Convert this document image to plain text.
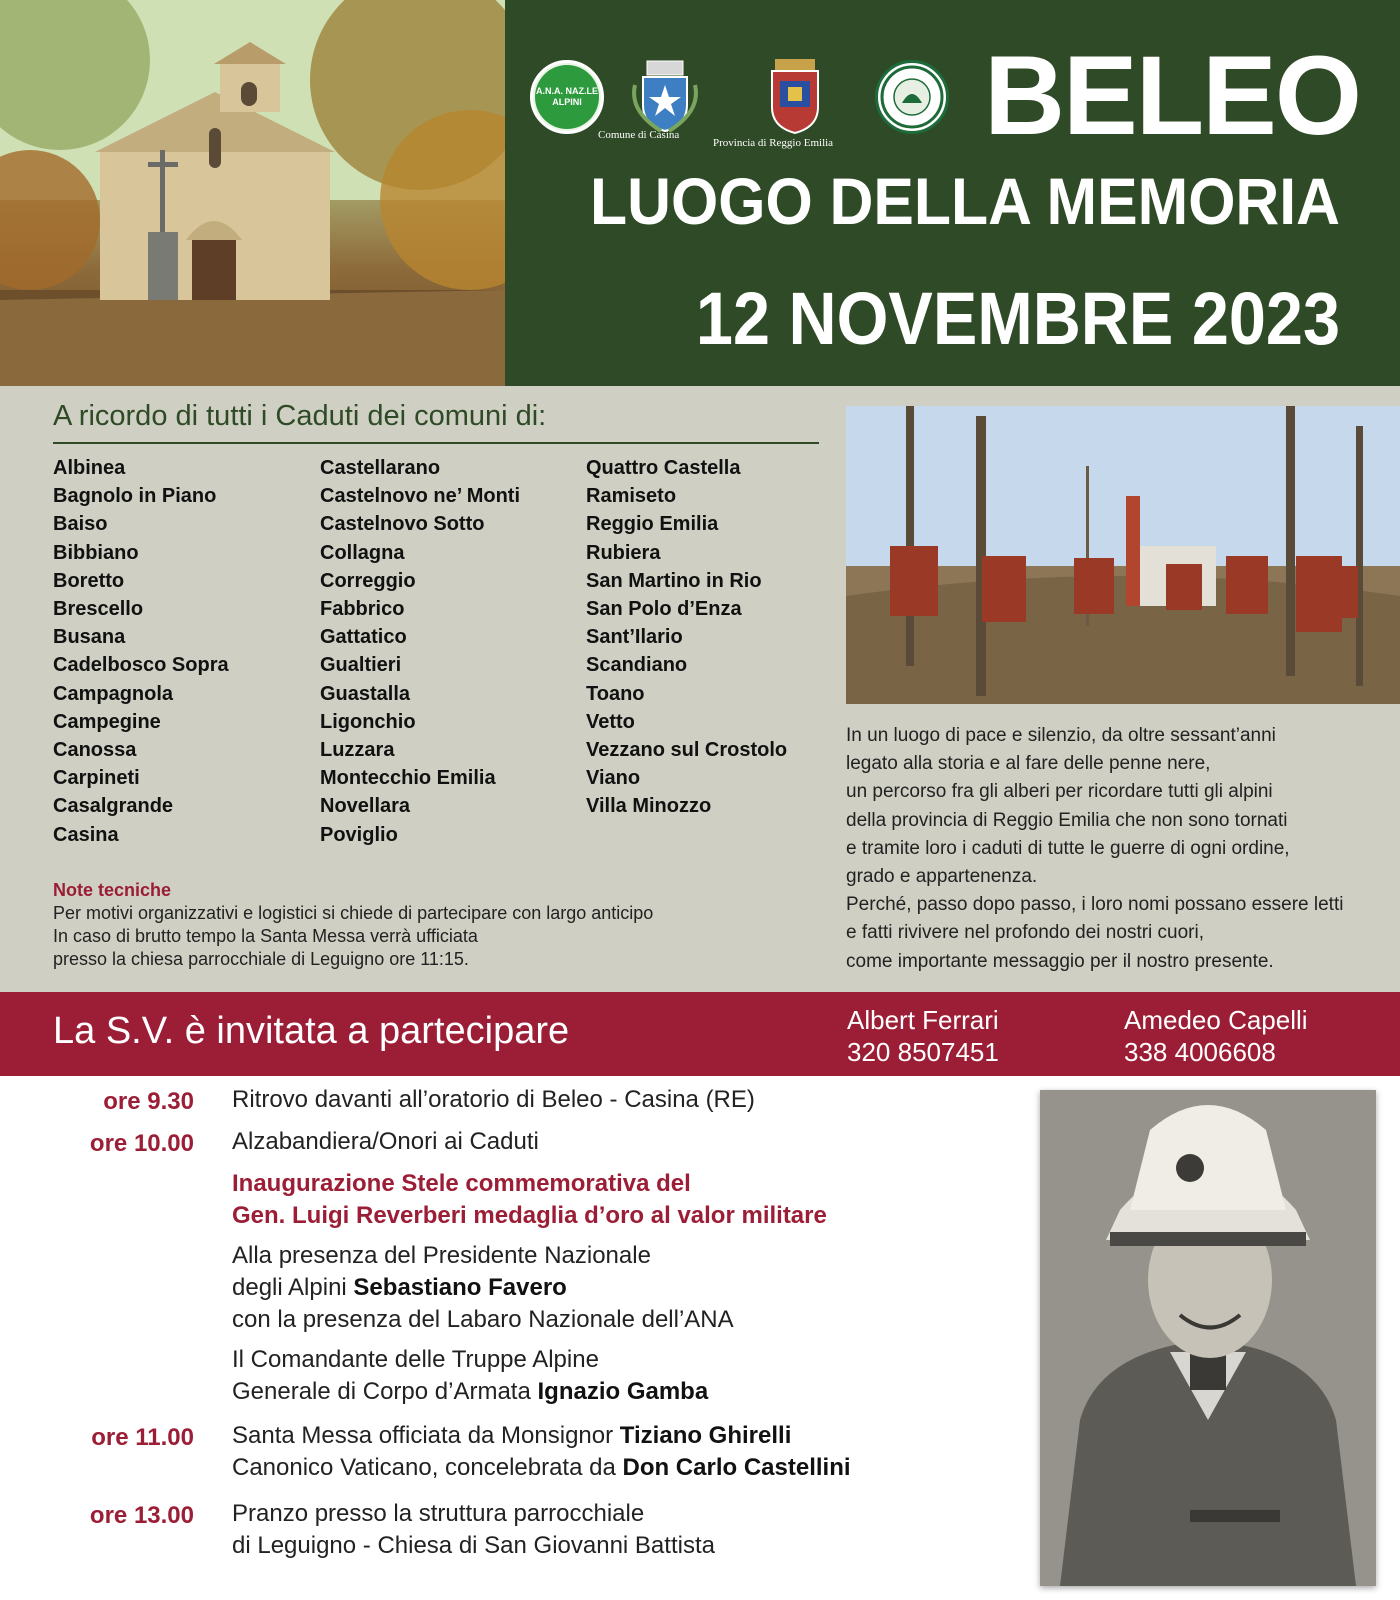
A.N.A. NAZ.LE ALPINI
Comune di Casina
Provincia di Reggio Emilia BELEO
LUOGO DELLA MEMORIA
12 NOVEMBRE 2023
A ricordo di tutti i Caduti dei comuni di:
Albinea
Bagnolo in Piano
Baiso
Bibbiano
Boretto
Brescello
Busana
Cadelbosco Sopra
Campagnola
Campegine
Canossa
Carpineti
Casalgrande
Casina
Castellarano
Castelnovo ne’ Monti
Castelnovo Sotto
Collagna
Correggio
Fabbrico
Gattatico
Gualtieri
Guastalla
Ligonchio
Luzzara
Montecchio Emilia
Novellara
Poviglio
Quattro Castella
Ramiseto
Reggio Emilia
Rubiera
San Martino in Rio
San Polo d’Enza
Sant’Ilario
Scandiano
Toano
Vetto
Vezzano sul Crostolo
Viano
Villa Minozzo
Note tecniche
Per motivi organizzativi e logistici si chiede di partecipare con largo anticipo
In caso di brutto tempo la Santa Messa verrà ufficiata
presso la chiesa parrocchiale di Leguigno ore 11:15.
In un luogo di pace e silenzio, da oltre sessant’anni
legato alla storia e al fare delle penne nere,
un percorso fra gli alberi per ricordare tutti gli alpini
della provincia di Reggio Emilia che non sono tornati
e tramite loro i caduti di tutte le guerre di ogni ordine,
grado e appartenenza.
Perché, passo dopo passo, i loro nomi possano essere letti
e fatti rivivere nel profondo dei nostri cuori,
come importante messaggio per il nostro presente.
La S.V. è invitata a partecipare	Albert Ferrari
320 8507451
Amedeo Capelli
338 4006608
ore 9.30 Ritrovo davanti all’oratorio di Beleo - Casina (RE)
ore 10.00 Alzabandiera/Onori ai Caduti
Inaugurazione Stele commemorativa del
Gen. Luigi Reverberi medaglia d’oro al valor militare
Alla presenza del Presidente Nazionale
degli Alpini Sebastiano Favero
con la presenza del Labaro Nazionale dell’ANA
Il Comandante delle Truppe Alpine
Generale di Corpo d’Armata Ignazio Gamba
ore 11.00 Santa Messa officiata da Monsignor Tiziano Ghirelli
Canonico Vaticano, concelebrata da Don Carlo Castellini
ore 13.00 Pranzo presso la struttura parrocchiale
di Leguigno - Chiesa di San Giovanni Battista
